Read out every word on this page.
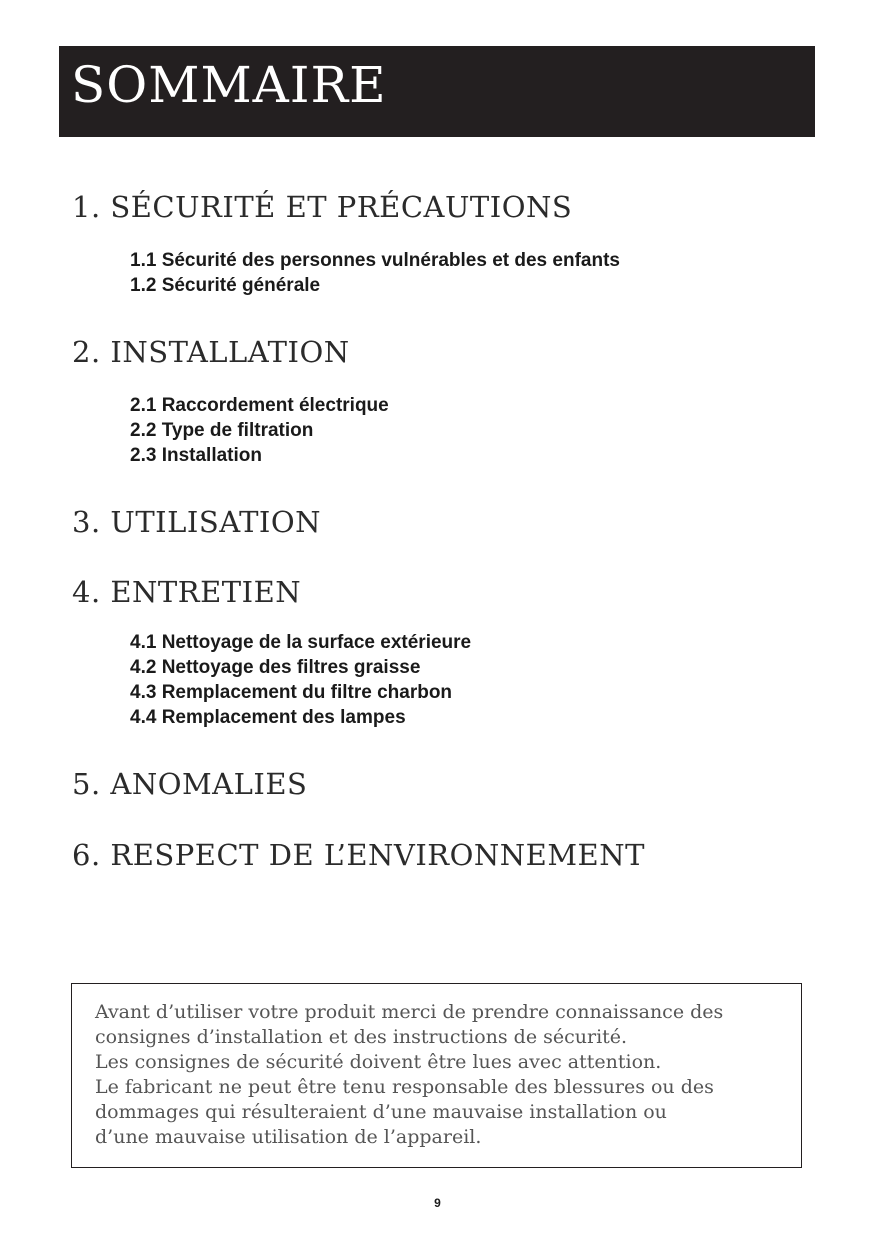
SOMMAIRE
1. SÉCURITÉ ET PRÉCAUTIONS
1.1 Sécurité des personnes vulnérables et des enfants
1.2 Sécurité générale
2. INSTALLATION
2.1 Raccordement électrique
2.2 Type de filtration
2.3 Installation
3. UTILISATION
4. ENTRETIEN
4.1 Nettoyage de la surface extérieure
4.2 Nettoyage des filtres graisse
4.3 Remplacement du filtre charbon
4.4 Remplacement des lampes
5. ANOMALIES
6. RESPECT DE L’ENVIRONNEMENT
Avant d’utiliser votre produit merci de prendre connaissance des
consignes d’installation et des instructions de sécurité.
Les consignes de sécurité doivent être lues avec attention.
Le fabricant ne peut être tenu responsable des blessures ou des
dommages qui résulteraient d’une mauvaise installation ou
d’une mauvaise utilisation de l’appareil.
9
